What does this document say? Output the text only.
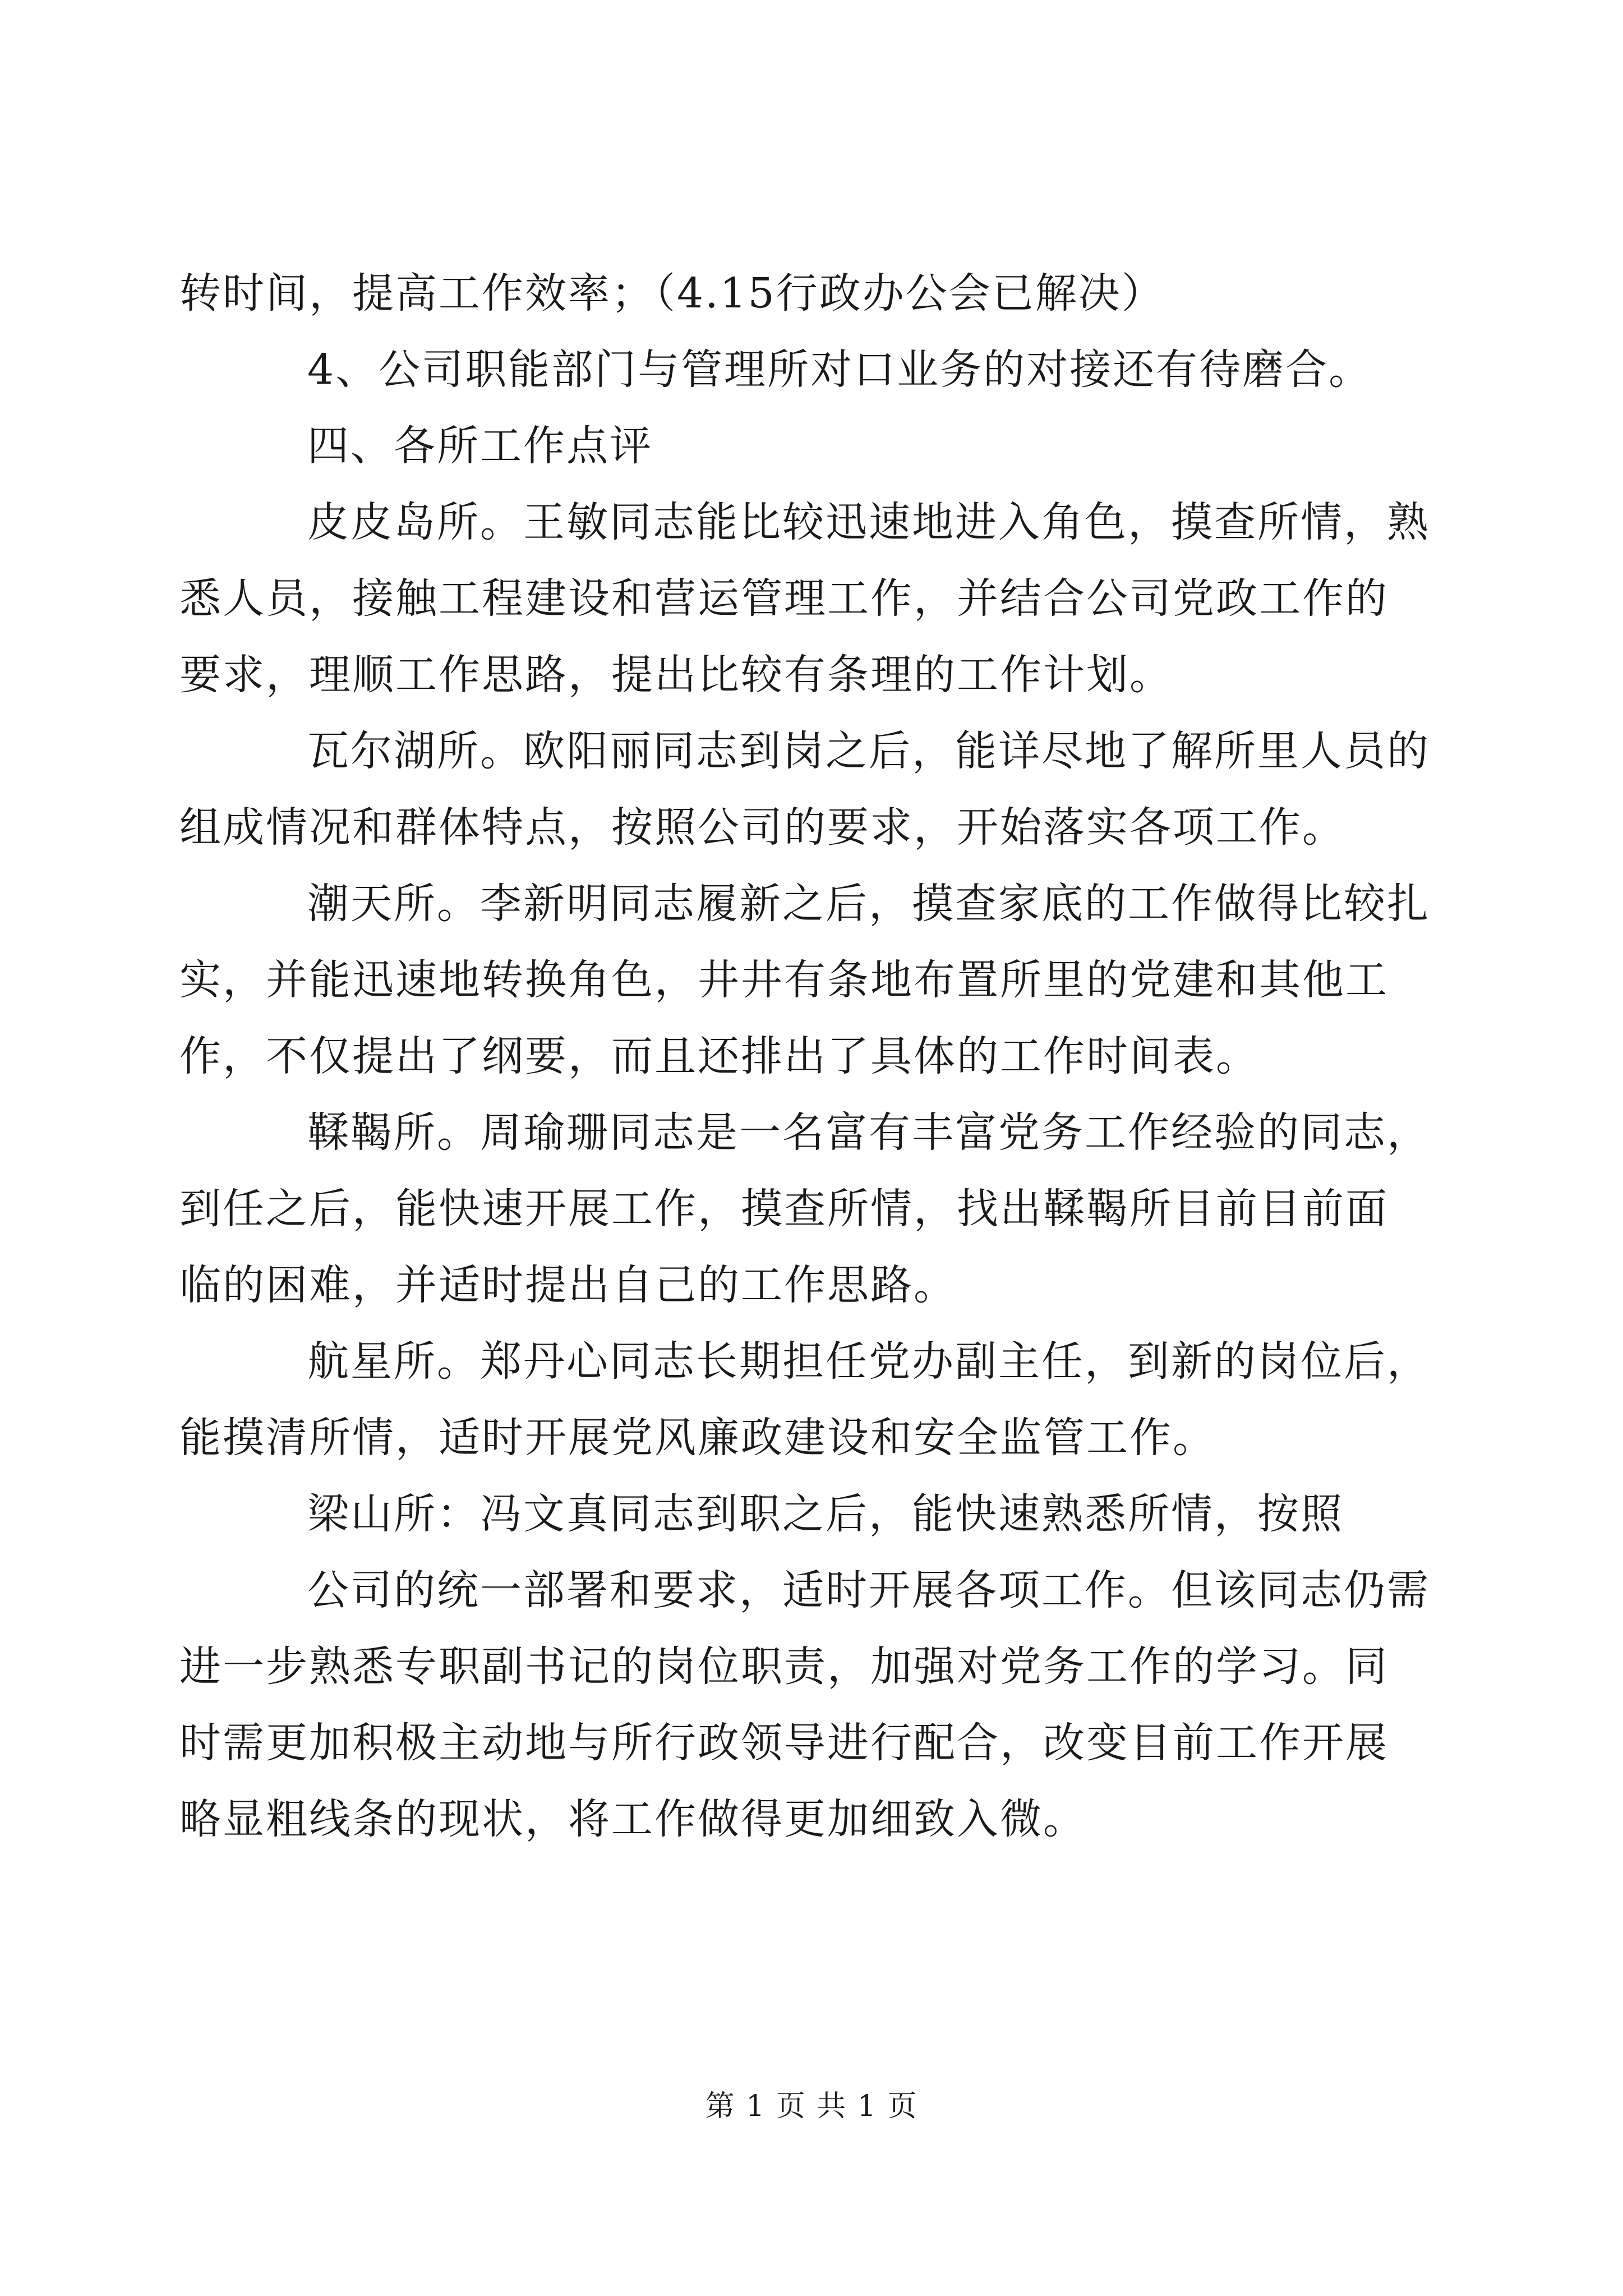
转时间，提高工作效率；（4.15行政办公会已解决）
4、公司职能部门与管理所对口业务的对接还有待磨合。
四、各所工作点评
皮皮岛所。王敏同志能比较迅速地进入角色，摸查所情，熟
悉人员，接触工程建设和营运管理工作，并结合公司党政工作的
要求，理顺工作思路，提出比较有条理的工作计划。
瓦尔湖所。欧阳丽同志到岗之后，能详尽地了解所里人员的
组成情况和群体特点，按照公司的要求，开始落实各项工作。
潮天所。李新明同志履新之后，摸查家底的工作做得比较扎
实，并能迅速地转换角色，井井有条地布置所里的党建和其他工
作，不仅提出了纲要，而且还排出了具体的工作时间表。
鞣鞨所。周瑜珊同志是一名富有丰富党务工作经验的同志，
到任之后，能快速开展工作，摸查所情，找出鞣鞨所目前目前面
临的困难，并适时提出自己的工作思路。
航星所。郑丹心同志长期担任党办副主任，到新的岗位后，
能摸清所情，适时开展党风廉政建设和安全监管工作。
梁山所：冯文真同志到职之后，能快速熟悉所情，按照
公司的统一部署和要求，适时开展各项工作。但该同志仍需
进一步熟悉专职副书记的岗位职责，加强对党务工作的学习。同
时需更加积极主动地与所行政领导进行配合，改变目前工作开展
略显粗线条的现状，将工作做得更加细致入微。
第 1 页 共 1 页
